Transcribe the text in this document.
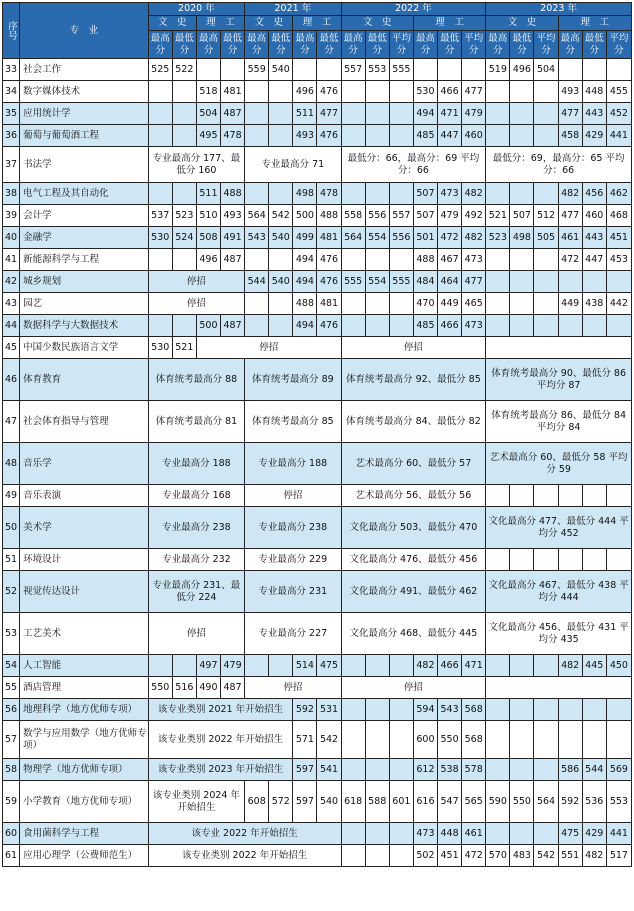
序号	专　业	2020 年				2021 年				2022 年						2023 年					
		文　史		理　工		文　史		理　工		文　史			理　工			文　史			理　工		
		最高分	最低分	最高分	最低分	最高分	最低分	最高分	最低分	最高分	最低分	平均分	最高分	最低分	平均分	最高分	最低分	平均分	最高分	最低分	平均分
33	社会工作	525	522			559	540			557	553	555				519	496	504			
34	数字媒体技术			518	481			496	476				530	466	477				493	448	455
35	应用统计学			504	487			511	477				494	471	479				477	443	452
36	葡萄与葡萄酒工程			495	478			493	476				485	447	460				458	429	441
37	书法学	专业最高分 177、最低分 160				专业最高分 71				最低分：66，最高分：69 平均分：66						最低分：69，最高分：65 平均分：66					
38	电气工程及其自动化			511	488			498	478				507	473	482				482	456	462
39	会计学	537	523	510	493	564	542	500	488	558	556	557	507	479	492	521	507	512	477	460	468
40	金融学	530	524	508	491	543	540	499	481	564	554	556	501	472	482	523	498	505	461	443	451
41	新能源科学与工程			496	487			494	476				488	467	473				472	447	453
42	城乡规划	停招				544	540	494	476	555	554	555	484	464	477						
43	园艺	停招						488	481				470	449	465				449	438	442
44	数据科学与大数据技术			500	487			494	476				485	466	473						
45	中国少数民族语言文学	530	521	停招						停招											
46	体育教育	体育统考最高分 88				体育统考最高分 89				体育统考最高分 92、最低分 85						体育统考最高分 90、最低分 86 平均分 87					
47	社会体育指导与管理	体育统考最高分 81				体育统考最高分 85				体育统考最高分 84、最低分 82						体育统考最高分 86、最低分 84 平均分 84					
48	音乐学	专业最高分 188				专业最高分 188				艺术最高分 60、最低分 57						艺术最高分 60、最低分 58 平均分 59					
49	音乐表演	专业最高分 168				停招				艺术最高分 56、最低分 56											
50	美术学	专业最高分 238				专业最高分 238				文化最高分 503、最低分 470						文化最高分 477、最低分 444 平均分 452					
51	环境设计	专业最高分 232				专业最高分 229				文化最高分 476、最低分 456											
52	视觉传达设计	专业最高分 231、最低分 224				专业最高分 231				文化最高分 491、最低分 462						文化最高分 467、最低分 438 平均分 444					
53	工艺美术	停招				专业最高分 227				文化最高分 468、最低分 445						文化最高分 456、最低分 431 平均分 435					
54	人工智能			497	479			514	475				482	466	471				482	445	450
55	酒店管理	550	516	490	487	停招				停招											
56	地理科学（地方优师专项）	该专业类别 2021 年开始招生						592	531				594	543	568						
57	数学与应用数学（地方优师专项）	该专业类别 2022 年开始招生						571	542				600	550	568						
58	物理学（地方优师专项）	该专业类别 2023 年开始招生						597	541				612	538	578				586	544	569
59	小学教育（地方优师专项）	该专业类别 2024 年开始招生				608	572	597	540	618	588	601	616	547	565	590	550	564	592	536	553
60	食用菌科学与工程	该专业 2022 年开始招生											473	448	461				475	429	441
61	应用心理学（公费师范生）	该专业类别 2022 年开始招生											502	451	472	570	483	542	551	482	517
